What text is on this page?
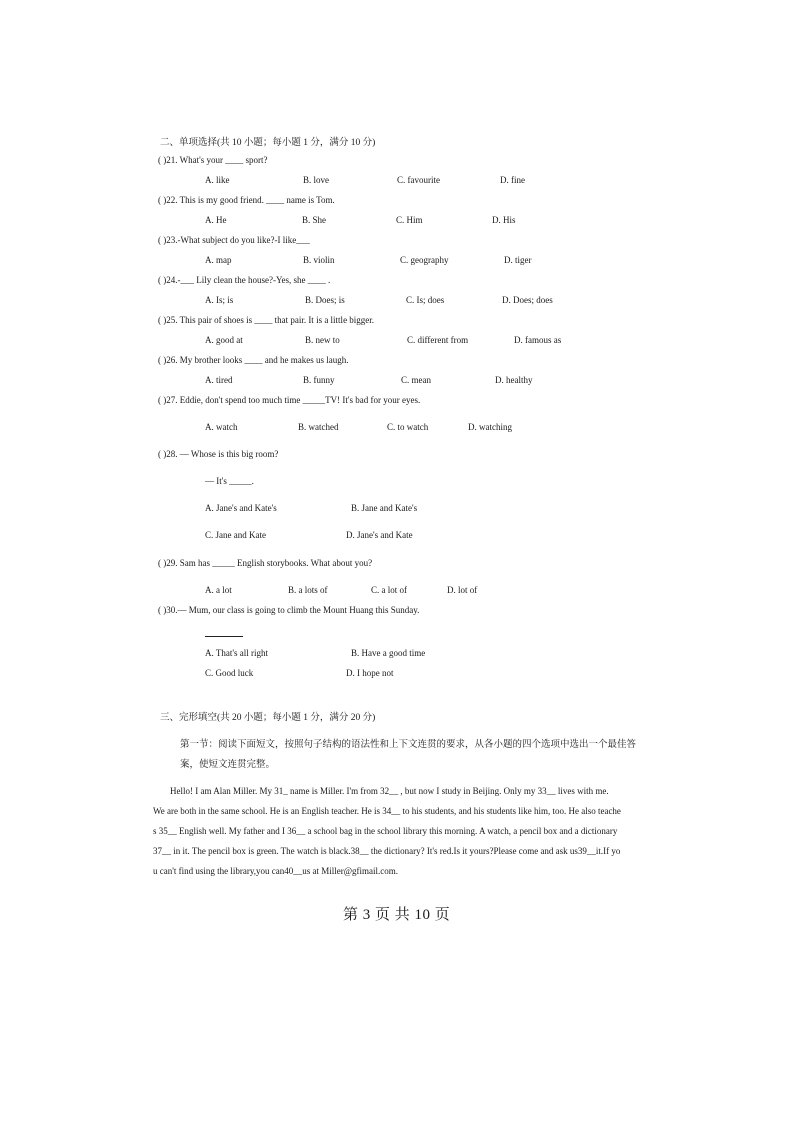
二、单项选择(共 10 小题；每小题 1 分，满分 10 分)
( )21. What's your ____ sport?
A. like	B. love	C. favourite	D. fine
( )22. This is my good friend. ____ name is Tom.
A. He	B. She	C. Him	D. His
( )23.-What subject do you like?-I like___
A. map	B. violin	C. geography	D. tiger
( )24.-___ Lily clean the house?-Yes, she ____ .
A. Is; is	B. Does; is	C. Is; does	D. Does; does
( )25. This pair of shoes is ____ that pair. It is a little bigger.
A. good at	B. new to	C. different from	D. famous as
( )26. My brother looks ____ and he makes us laugh.
A. tired	B. funny	C. mean	D. healthy
( )27. Eddie, don't spend too much time _____TV! It's bad for your eyes.
A. watch	B. watched	C. to watch	D. watching
( )28. — Whose is this big room?
— It's _____.
A. Jane's and Kate's	B. Jane and Kate's
C. Jane and Kate	D. Jane's and Kate
( )29. Sam has _____ English storybooks. What about you?
A. a lot	B. a lots of	C. a lot of	D. lot of
( )30.— Mum, our class is going to climb the Mount Huang this Sunday.
A. That's all right	B. Have a good time
C. Good luck	D. I hope not
三、完形填空(共 20 小题；每小题 1 分，满分 20 分)
第一节：阅读下面短文，按照句子结构的语法性和上下文连贯的要求，从各小题的四个选项中选出一个最佳答
案，使短文连贯完整。
Hello! I am Alan Miller. My 31_ name is Miller. I'm from 32__ , but now I study in Beijing. Only my 33__ lives with me.
We are both in the same school. He is an English teacher. He is 34__ to his students, and his students like him, too. He also teache
s 35__ English well. My father and I 36__ a school bag in the school library this morning. A watch, a pencil box and a dictionary
37__ in it. The pencil box is green. The watch is black.38__ the dictionary? It's red.Is it yours?Please come and ask us39__it.If yo
u can't find using the library,you can40__us at Miller@gfimail.com.
第 3 页 共 10 页
